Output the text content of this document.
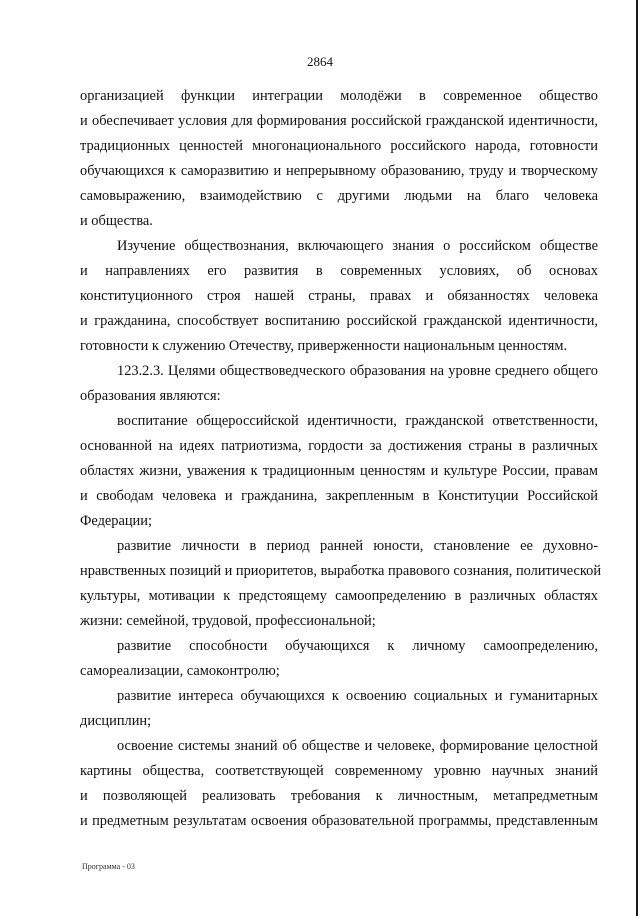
2864
организацией функции интеграции молодёжи в современное общество
и обеспечивает условия для формирования российской гражданской идентичности,
традиционных ценностей многонационального российского народа, готовности
обучающихся к саморазвитию и непрерывному образованию, труду и творческому
самовыражению, взаимодействию с другими людьми на благо человека
и общества.
Изучение обществознания, включающего знания о российском обществе
и направлениях его развития в современных условиях, об основах
конституционного строя нашей страны, правах и обязанностях человека
и гражданина, способствует воспитанию российской гражданской идентичности,
готовности к служению Отечеству, приверженности национальным ценностям.
123.2.3. Целями обществоведческого образования на уровне среднего общего
образования являются:
воспитание общероссийской идентичности, гражданской ответственности,
основанной на идеях патриотизма, гордости за достижения страны в различных
областях жизни, уважения к традиционным ценностям и культуре России, правам
и свободам человека и гражданина, закрепленным в Конституции Российской
Федерации;
развитие личности в период ранней юности, становление ее духовно-
нравственных позиций и приоритетов, выработка правового сознания, политической
культуры, мотивации к предстоящему самоопределению в различных областях
жизни: семейной, трудовой, профессиональной;
развитие способности обучающихся к личному самоопределению,
самореализации, самоконтролю;
развитие интереса обучающихся к освоению социальных и гуманитарных
дисциплин;
освоение системы знаний об обществе и человеке, формирование целостной
картины общества, соответствующей современному уровню научных знаний
и позволяющей реализовать требования к личностным, метапредметным
и предметным результатам освоения образовательной программы, представленным
Программа - 03
